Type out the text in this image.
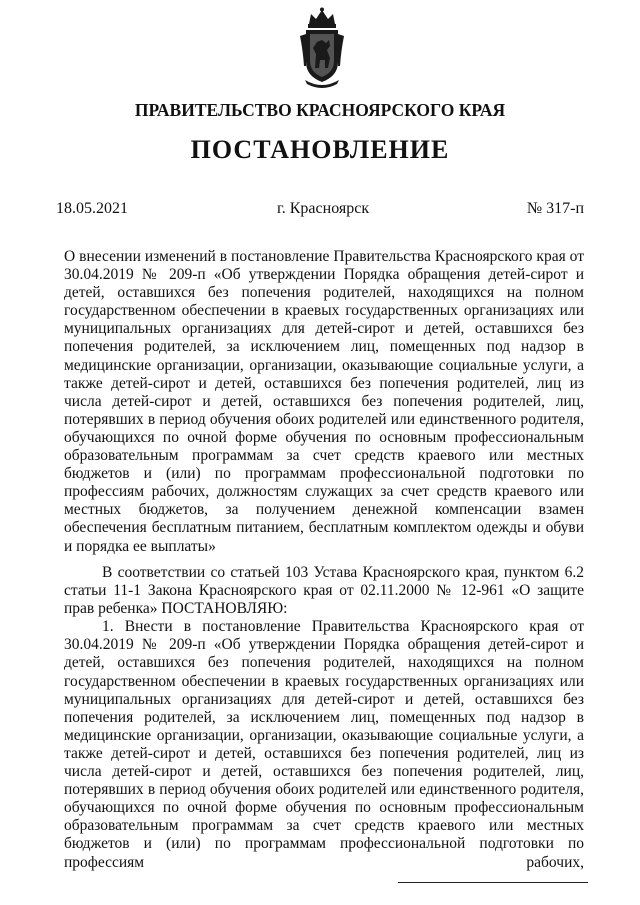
ПРАВИТЕЛЬСТВО КРАСНОЯРСКОГО КРАЯ
ПОСТАНОВЛЕНИЕ
18.05.2021	г. Красноярск	№ 317-п
О внесении изменений в постановление Правительства Красноярского края от 30.04.2019 № 209-п «Об утверждении Порядка обращения детей-сирот и детей, оставшихся без попечения родителей, находящихся на полном государственном обеспечении в краевых государственных организациях или муниципальных организациях для детей-сирот и детей, оставшихся без попечения родителей, за исключением лиц, помещенных под надзор в медицинские организации, организации, оказывающие социальные услуги, а также детей-сирот и детей, оставшихся без попечения родителей, лиц из числа детей-сирот и детей, оставшихся без попечения родителей, лиц, потерявших в период обучения обоих родителей или единственного родителя, обучающихся по очной форме обучения по основным профессиональным образовательным программам за счет средств краевого или местных бюджетов и (или) по программам профессиональной подготовки по профессиям рабочих, должностям служащих за счет средств краевого или местных бюджетов, за получением денежной компенсации взамен обеспечения бесплатным питанием, бесплатным комплектом одежды и обуви и порядка ее выплаты»

В соответствии со статьей 103 Устава Красноярского края, пунктом 6.2 статьи 11-1 Закона Красноярского края от 02.11.2000 № 12-961 «О защите прав ребенка» ПОСТАНОВЛЯЮ:

1. Внести в постановление Правительства Красноярского края от 30.04.2019 № 209-п «Об утверждении Порядка обращения детей-сирот и детей, оставшихся без попечения родителей, находящихся на полном государственном обеспечении в краевых государственных организациях или муниципальных организациях для детей-сирот и детей, оставшихся без попечения родителей, за исключением лиц, помещенных под надзор в медицинские организации, организации, оказывающие социальные услуги, а также детей-сирот и детей, оставшихся без попечения родителей, лиц из числа детей-сирот и детей, оставшихся без попечения родителей, лиц, потерявших в период обучения обоих родителей или единственного родителя, обучающихся по очной форме обучения по основным профессиональным образовательным программам за счет средств краевого или местных бюджетов и (или) по программам профессиональной подготовки по профессиям рабочих,
